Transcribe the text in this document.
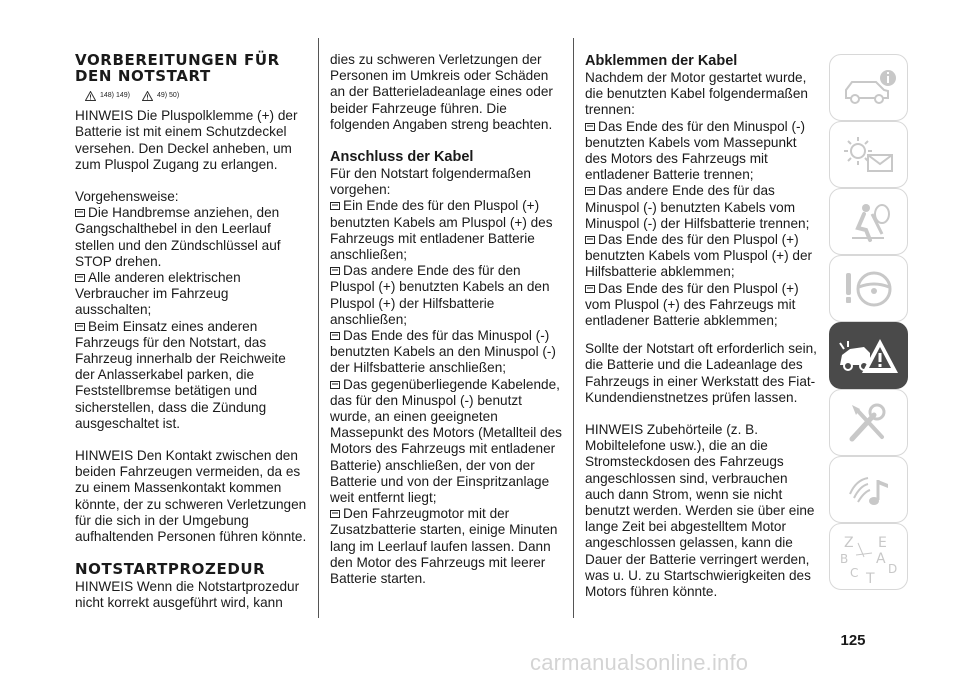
VORBEREITUNGEN FÜR DEN NOTSTART
148) 149)	49) 50)

HINWEIS Die Pluspolklemme (+) der Batterie ist mit einem Schutzdeckel versehen. Den Deckel anheben, um zum Pluspol Zugang zu erlangen.

Vorgehensweise:

Die Handbremse anziehen, den Gangschalthebel in den Leerlauf stellen und den Zündschlüssel auf STOP drehen.

Alle anderen elektrischen Verbraucher im Fahrzeug ausschalten;

Beim Einsatz eines anderen Fahrzeugs für den Notstart, das Fahrzeug innerhalb der Reichweite der Anlasserkabel parken, die Feststellbremse betätigen und sicherstellen, dass die Zündung ausgeschaltet ist.

HINWEIS Den Kontakt zwischen den beiden Fahrzeugen vermeiden, da es zu einem Massenkontakt kommen könnte, der zu schweren Verletzungen für die sich in der Umgebung aufhaltenden Personen führen könnte.

NOTSTARTPROZEDUR

HINWEIS Wenn die Notstartprozedur nicht korrekt ausgeführt wird, kann

dies zu schweren Verletzungen der Personen im Umkreis oder Schäden an der Batterieladeanlage eines oder beider Fahrzeuge führen. Die folgenden Angaben streng beachten.

Anschluss der Kabel

Für den Notstart folgendermaßen vorgehen:

Ein Ende des für den Pluspol (+) benutzten Kabels am Pluspol (+) des Fahrzeugs mit entladener Batterie anschließen;

Das andere Ende des für den Pluspol (+) benutzten Kabels an den Pluspol (+) der Hilfsbatterie anschließen;

Das Ende des für das Minuspol (-) benutzten Kabels an den Minuspol (-) der Hilfsbatterie anschließen;

Das gegenüberliegende Kabelende, das für den Minuspol (-) benutzt wurde, an einen geeigneten Massepunkt des Motors (Metallteil des Motors des Fahrzeugs mit entladener Batterie) anschließen, der von der Batterie und von der Einspritzanlage weit entfernt liegt;

Den Fahrzeugmotor mit der Zusatzbatterie starten, einige Minuten lang im Leerlauf laufen lassen. Dann den Motor des Fahrzeugs mit leerer Batterie starten.

Abklemmen der Kabel

Nachdem der Motor gestartet wurde, die benutzten Kabel folgendermaßen trennen:

Das Ende des für den Minuspol (-) benutzten Kabels vom Massepunkt des Motors des Fahrzeugs mit entladener Batterie trennen;

Das andere Ende des für das Minuspol (-) benutzten Kabels vom Minuspol (-) der Hilfsbatterie trennen;

Das Ende des für den Pluspol (+) benutzten Kabels vom Pluspol (+) der Hilfsbatterie abklemmen;

Das Ende des für den Pluspol (+) vom Pluspol (+) des Fahrzeugs mit entladener Batterie abklemmen;

Sollte der Notstart oft erforderlich sein, die Batterie und die Ladeanlage des Fahrzeugs in einer Werkstatt des Fiat-Kundendienstnetzes prüfen lassen.

HINWEIS Zubehörteile (z. B. Mobiltelefone usw.), die an die Stromsteckdosen des Fahrzeugs angeschlossen sind, verbrauchen auch dann Strom, wenn sie nicht benutzt werden. Werden sie über eine lange Zeit bei abgestelltem Motor angeschlossen gelassen, kann die Dauer der Batterie verringert werden, was u. U. zu Startschwierigkeiten des Motors führen könnte.

Z E
B A
C T
D
125
carmanualsonline.info
